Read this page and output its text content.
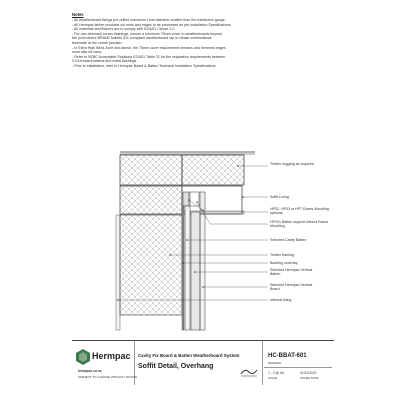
Notes
- All weatherboard fixings pre-drilled maximum 1mm diameter smaller than the hardscrew gauge.
- All Hermpac timber products cut ends and edges to be processed as per Installation Specifications.
- All materials and fixtures are to comply with E2/AS1 Clause 2.2
- For non-hemmed corner flashings, ensure a minimum 75mm cover to weatherboards beyond
the point where BRANZ bulletin 611 compliant weatherboard lap or rebate combinations
terminate at the corner junction.
- In Extra High Wind Zone and above, the 75mm cover requirement remains and hemmed edges
must also be used.
- Refer to NZBC Acceptable Solutions E2/AS1 Table 21 for the separation requirements between
CCA treated battens and metal flashings.
- Prior to installation, refer to Hermpac Board & Batten Technical Installation Specifications.
Timber nogging as required
Soffit Lining
HP32, HP33 or HP7 Eaves Moulding optional
HP101 Batten support behind Eaves Moulding
Selected Cavity Batten
Timber framing
Building underlay
Selected Hermpac Vertical Batten
Selected Hermpac Vertical Board
Internal lining
Hermpac
hermpac.co.nz
SUBJECT TO CHANGE WITHOUT NOTICE
Cavity Fix Board & Batten Weatherboard System
Soffit Detail, Overhang
HC-BBAT-601
DRAWING
1 : 2 @ A4
SCALE
01/11/2021
ISSUED DATE
